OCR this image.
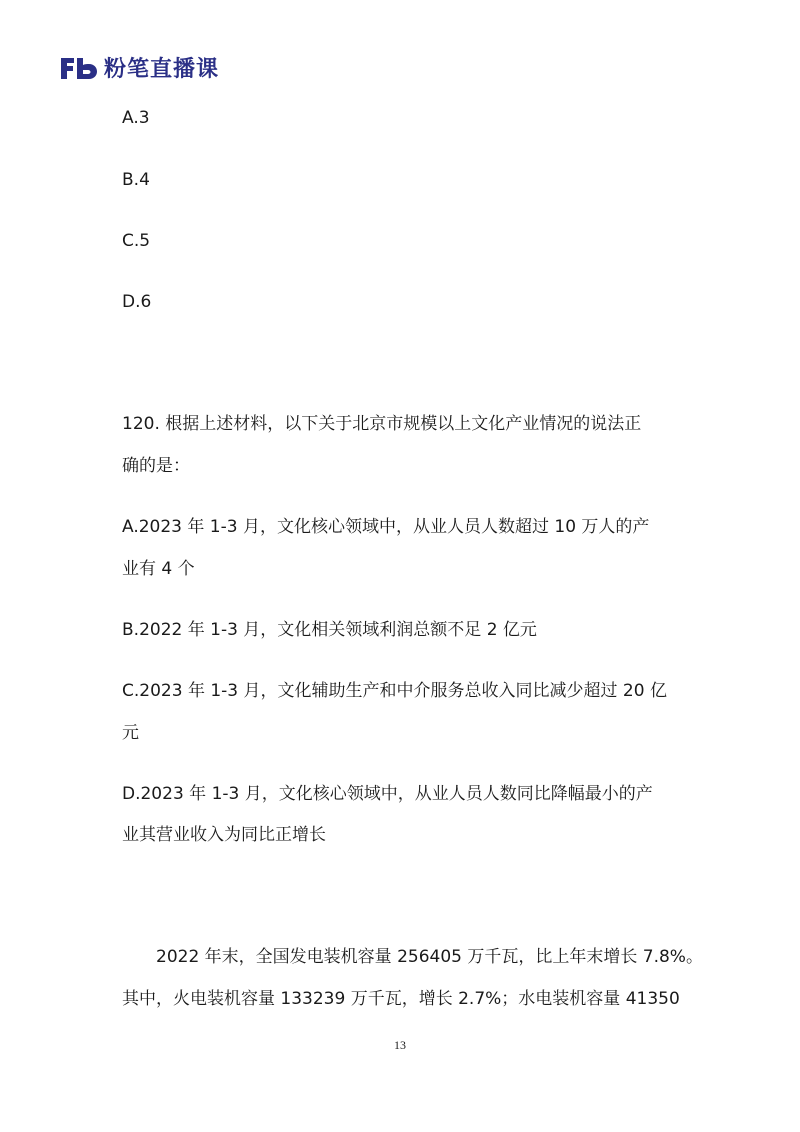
粉笔直播课
A.3
B.4
C.5
D.6
120. 根据上述材料，以下关于北京市规模以上文化产业情况的说法正
确的是：
A.2023 年 1-3 月，文化核心领域中，从业人员人数超过 10 万人的产
业有 4 个
B.2022 年 1-3 月，文化相关领域利润总额不足 2 亿元
C.2023 年 1-3 月，文化辅助生产和中介服务总收入同比减少超过 20 亿
元
D.2023 年 1-3 月，文化核心领域中，从业人员人数同比降幅最小的产
业其营业收入为同比正增长
2022 年末，全国发电装机容量 256405 万千瓦，比上年末增长 7.8%。
其中，火电装机容量 133239 万千瓦，增长 2.7%；水电装机容量 41350
13
